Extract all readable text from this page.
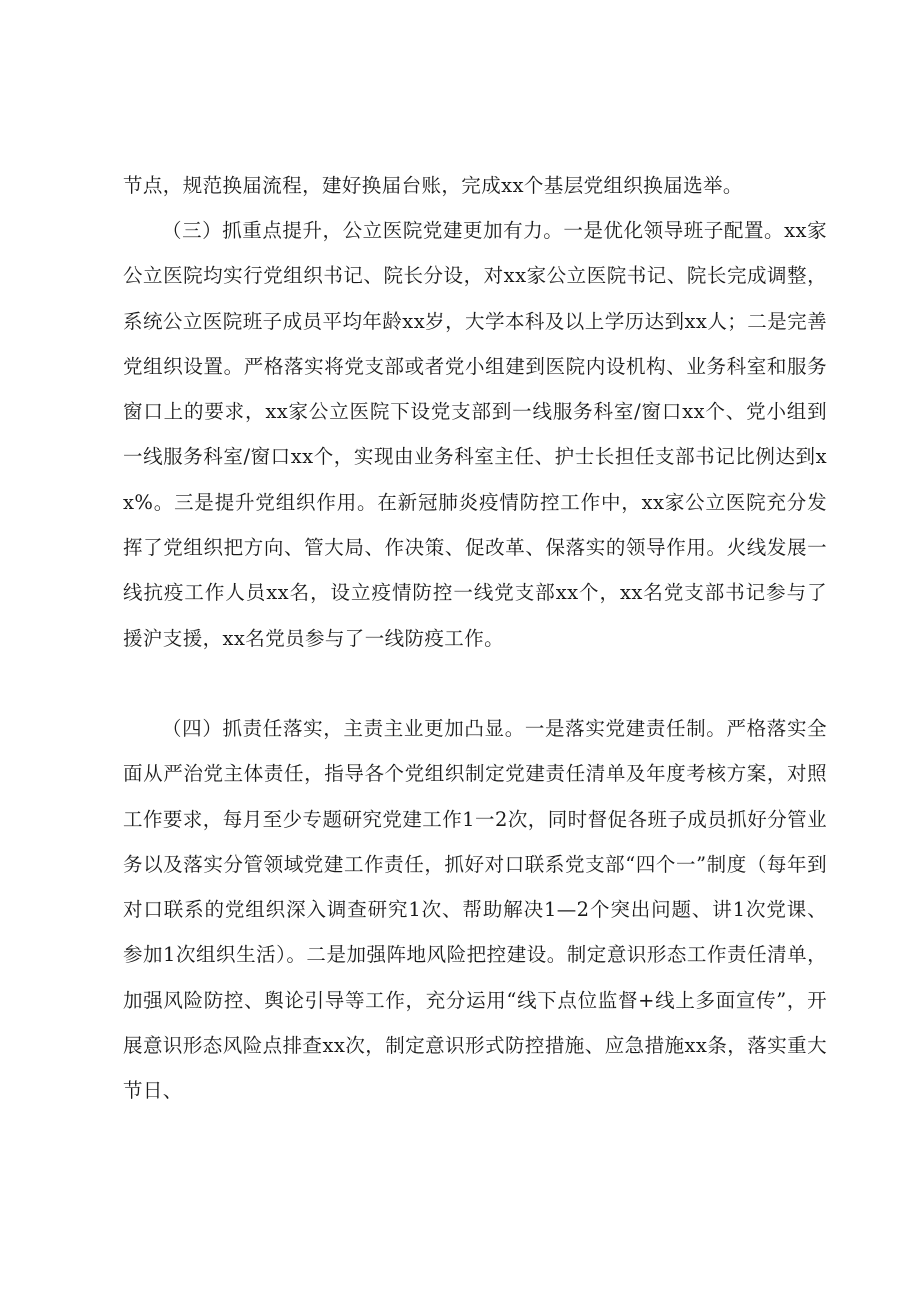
节点，规范换届流程，建好换届台账，完成xx个基层党组织换届选举。

（三）抓重点提升，公立医院党建更加有力。一是优化领导班子配置。xx家公立医院均实行党组织书记、院长分设，对xx家公立医院书记、院长完成调整，系统公立医院班子成员平均年龄xx岁，大学本科及以上学历达到xx人；二是完善党组织设置。严格落实将党支部或者党小组建到医院内设机构、业务科室和服务窗口上的要求，xx家公立医院下设党支部到一线服务科室/窗口xx个、党小组到一线服务科室/窗口xx个，实现由业务科室主任、护士长担任支部书记比例达到xx%。三是提升党组织作用。在新冠肺炎疫情防控工作中，xx家公立医院充分发挥了党组织把方向、管大局、作决策、促改革、保落实的领导作用。火线发展一线抗疫工作人员xx名，设立疫情防控一线党支部xx个，xx名党支部书记参与了援沪支援，xx名党员参与了一线防疫工作。

（四）抓责任落实，主责主业更加凸显。一是落实党建责任制。严格落实全面从严治党主体责任，指导各个党组织制定党建责任清单及年度考核方案，对照工作要求，每月至少专题研究党建工作1一2次，同时督促各班子成员抓好分管业务以及落实分管领域党建工作责任，抓好对口联系党支部“四个一”制度（每年到对口联系的党组织深入调查研究1次、帮助解决1—2个突出问题、讲1次党课、参加1次组织生活）。二是加强阵地风险把控建设。制定意识形态工作责任清单，加强风险防控、舆论引导等工作，充分运用“线下点位监督+线上多面宣传”，开展意识形态风险点排查xx次，制定意识形式防控措施、应急措施xx条，落实重大节日、
